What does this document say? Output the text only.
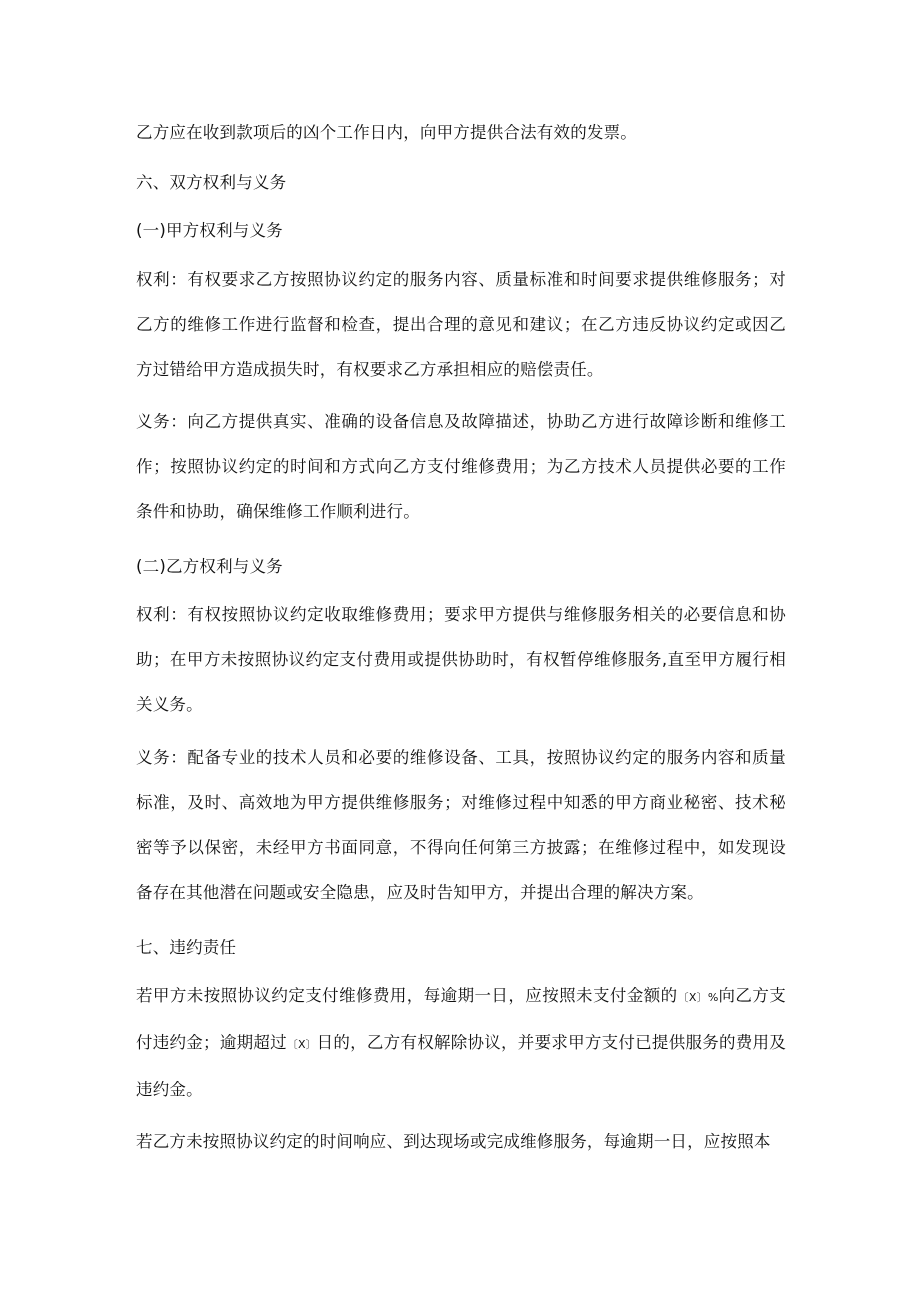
乙方应在收到款项后的凶个工作日内，向甲方提供合法有效的发票。

六、双方权利与义务

(一)甲方权利与义务

权利：有权要求乙方按照协议约定的服务内容、质量标准和时间要求提供维修服务；对乙方的维修工作进行监督和检查，提出合理的意见和建议；在乙方违反协议约定或因乙方过错给甲方造成损失时，有权要求乙方承担相应的赔偿责任。

义务：向乙方提供真实、准确的设备信息及故障描述，协助乙方进行故障诊断和维修工作；按照协议约定的时间和方式向乙方支付维修费用；为乙方技术人员提供必要的工作条件和协助，确保维修工作顺利进行。

(二)乙方权利与义务

权利：有权按照协议约定收取维修费用；要求甲方提供与维修服务相关的必要信息和协助；在甲方未按照协议约定支付费用或提供协助时，有权暂停维修服务,直至甲方履行相关义务。

义务：配备专业的技术人员和必要的维修设备、工具，按照协议约定的服务内容和质量标准，及时、高效地为甲方提供维修服务；对维修过程中知悉的甲方商业秘密、技术秘密等予以保密，未经甲方书面同意，不得向任何第三方披露；在维修过程中，如发现设备存在其他潜在问题或安全隐患，应及时告知甲方，并提出合理的解决方案。

七、违约责任

若甲方未按照协议约定支付维修费用，每逾期一日，应按照未支付金额的〔X〕%向乙方支付违约金；逾期超过〔X〕日的，乙方有权解除协议，并要求甲方支付已提供服务的费用及违约金。

若乙方未按照协议约定的时间响应、到达现场或完成维修服务，每逾期一日，应按照本
